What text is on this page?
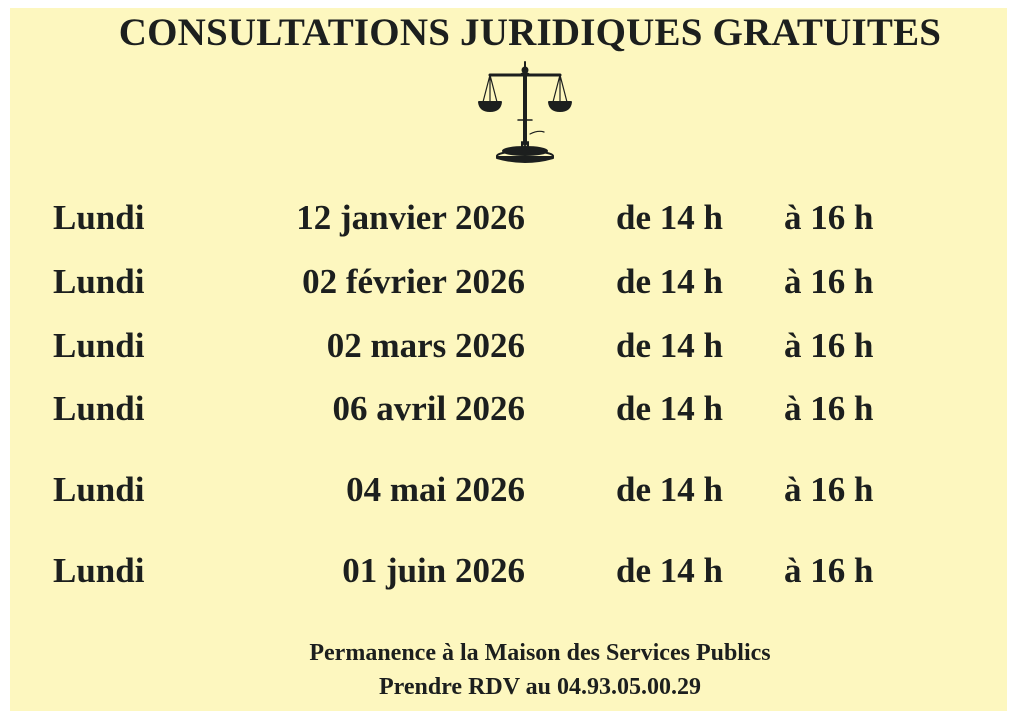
CONSULTATIONS JURIDIQUES GRATUITES
Lundi	12 janvier 2026	de 14 h à 16 h
Lundi	02 février 2026	de 14 h à 16 h
Lundi	02 mars 2026	de 14 h à 16 h
Lundi	06 avril 2026	de 14 h à 16 h
Lundi	04 mai 2026	de 14 h à 16 h
Lundi	01 juin 2026	de 14 h à 16 h
Permanence à la Maison des Services Publics
Prendre RDV au 04.93.05.00.29
